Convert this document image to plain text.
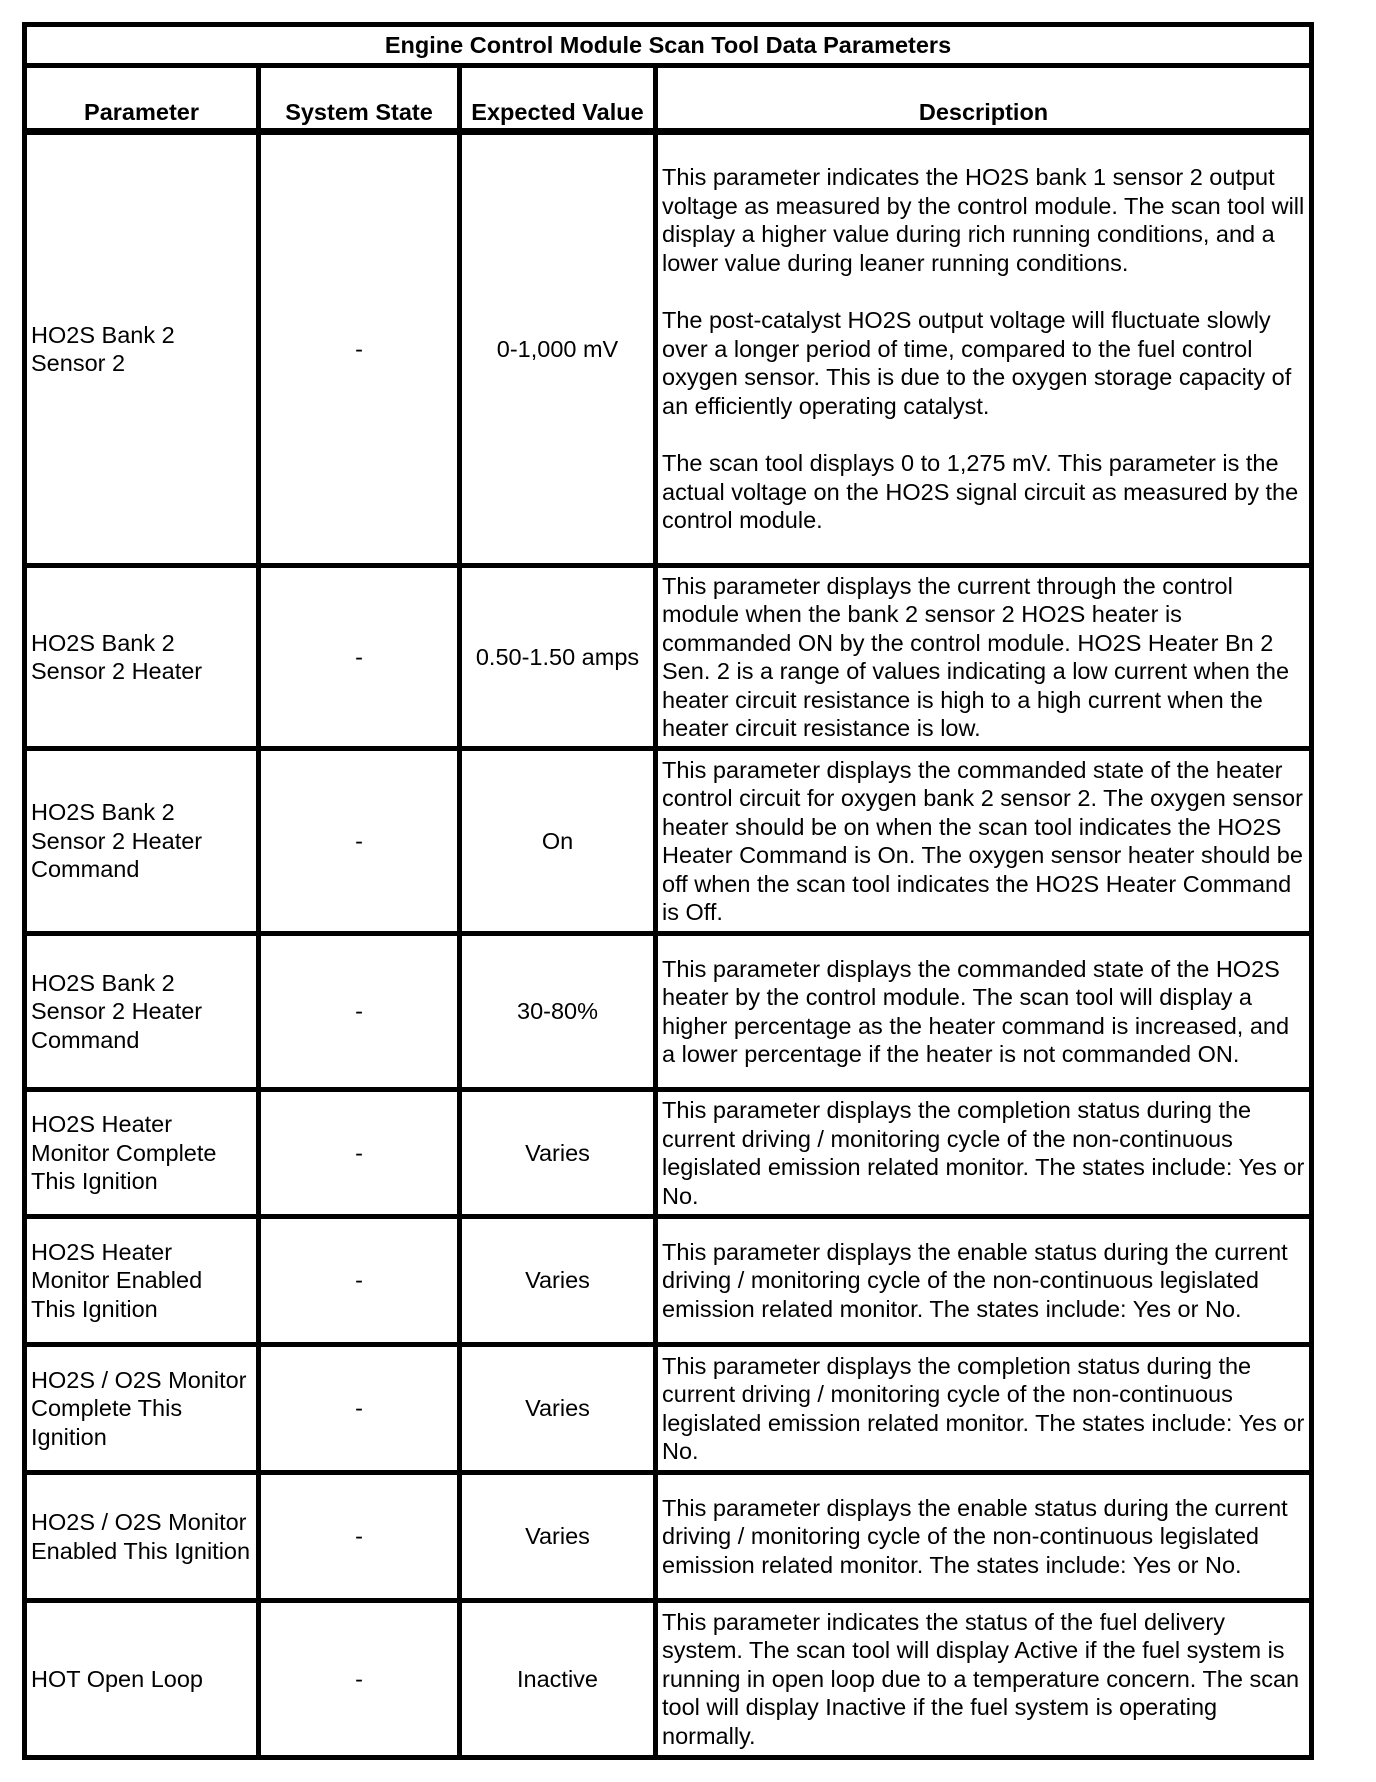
Engine Control Module Scan Tool Data Parameters			
Parameter	System State	Expected Value	Description
HO2S Bank 2 Sensor 2	-	0-1,000 mV	This parameter indicates the HO2S bank 1 sensor 2 output voltage as measured by the control module. The scan tool will display a higher value during rich running conditions, and a lower value during leaner running conditions.

The post-catalyst HO2S output voltage will fluctuate slowly over a longer period of time, compared to the fuel control oxygen sensor. This is due to the oxygen storage capacity of an efficiently operating catalyst.

The scan tool displays 0 to 1,275 mV. This parameter is the actual voltage on the HO2S signal circuit as measured by the control module.

HO2S Bank 2 Sensor 2 Heater	-	0.50-1.50 amps	This parameter displays the current through the control module when the bank 2 sensor 2 HO2S heater is commanded ON by the control module. HO2S Heater Bn 2 Sen. 2 is a range of values indicating a low current when the heater circuit resistance is high to a high current when the heater circuit resistance is low.

HO2S Bank 2 Sensor 2 Heater Command	-	On	This parameter displays the commanded state of the heater control circuit for oxygen bank 2 sensor 2. The oxygen sensor heater should be on when the scan tool indicates the HO2S Heater Command is On. The oxygen sensor heater should be off when the scan tool indicates the HO2S Heater Command is Off.

HO2S Bank 2 Sensor 2 Heater Command	-	30-80%	This parameter displays the commanded state of the HO2S heater by the control module. The scan tool will display a higher percentage as the heater command is increased, and a lower percentage if the heater is not commanded ON.

HO2S Heater Monitor Complete This Ignition	-	Varies	This parameter displays the completion status during the current driving / monitoring cycle of the non-continuous legislated emission related monitor. The states include: Yes or No.

HO2S Heater Monitor Enabled This Ignition	-	Varies	This parameter displays the enable status during the current driving / monitoring cycle of the non-continuous legislated emission related monitor. The states include: Yes or No.

HO2S / O2S Monitor Complete This Ignition	-	Varies	This parameter displays the completion status during the current driving / monitoring cycle of the non-continuous legislated emission related monitor. The states include: Yes or No.

HO2S / O2S Monitor Enabled This Ignition	-	Varies	This parameter displays the enable status during the current driving / monitoring cycle of the non-continuous legislated emission related monitor. The states include: Yes or No.

HOT Open Loop	-	Inactive	This parameter indicates the status of the fuel delivery system. The scan tool will display Active if the fuel system is running in open loop due to a temperature concern. The scan tool will display Inactive if the fuel system is operating normally.
